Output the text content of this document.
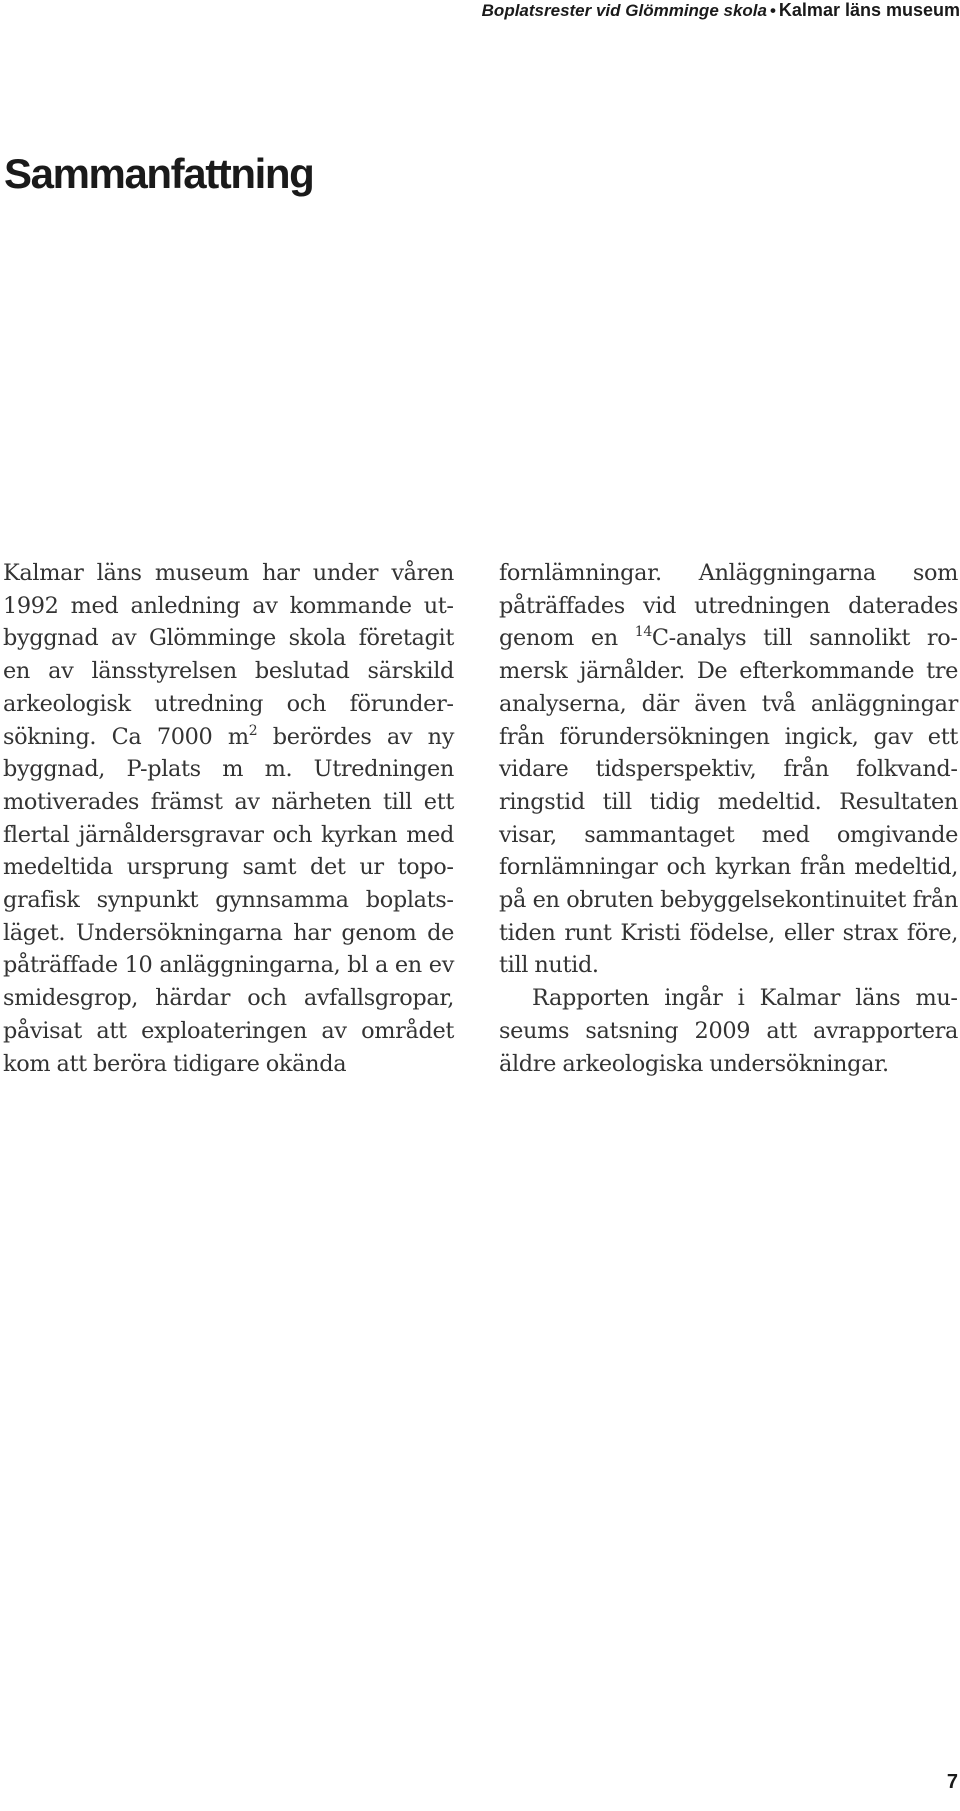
Boplatsrester vid Glömminge skola • Kalmar läns museum
Sammanfattning

Kalmar läns museum har under våren 1992 med anledning av kommande utbyggnad av Glömminge skola företagit en av länsstyrelsen beslutad särskild arkeologisk utredning och förundersökning. Ca 7000 $m^2$ berördes av ny byggnad, P-plats m m. Utredningen motiverades främst av närheten till ett flertal järnåldersgravar och kyrkan med medeltida ursprung samt det ur topografisk synpunkt gynnsamma boplatsläget. Undersökningarna har genom de påträffade 10 anläggningarna, bl a en ev smidesgrop, härdar och avfallsgropar, påvisat att exploateringen av området kom att beröra tidigare okända

fornlämningar. Anläggningarna som påträffades vid utredningen daterades genom en $^{14}$C-analys till sannolikt romersk järnålder. De efterkommande tre analyserna, där även två anläggningar från förundersökningen ingick, gav ett vidare tidsperspektiv, från folkvandringstid till tidig medeltid. Resultaten visar, sammantaget med omgivande fornlämningar och kyrkan från medeltid, på en obruten bebyggelsekontinuitet från tiden runt Kristi födelse, eller strax före, till nutid.

Rapporten ingår i Kalmar läns museums satsning 2009 att avrapportera äldre arkeologiska undersökningar.

7
